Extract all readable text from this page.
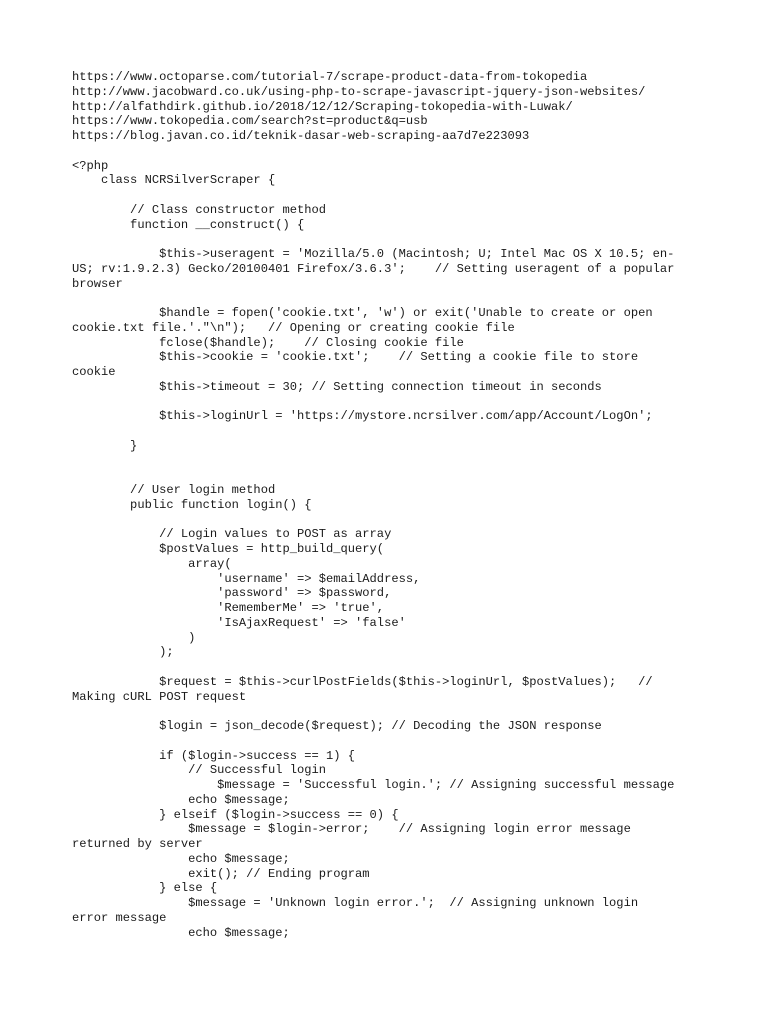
https://www.octoparse.com/tutorial-7/scrape-product-data-from-tokopedia
http://www.jacobward.co.uk/using-php-to-scrape-javascript-jquery-json-websites/
http://alfathdirk.github.io/2018/12/12/Scraping-tokopedia-with-Luwak/
https://www.tokopedia.com/search?st=product&q=usb
https://blog.javan.co.id/teknik-dasar-web-scraping-aa7d7e223093
<?php
class NCRSilverScraper {
// Class constructor method
function __construct() {
$this->useragent = 'Mozilla/5.0 (Macintosh; U; Intel Mac OS X 10.5; en-
US; rv:1.9.2.3) Gecko/20100401 Firefox/3.6.3';    // Setting useragent of a popular
browser
$handle = fopen('cookie.txt', 'w') or exit('Unable to create or open
cookie.txt file.'."\n");   // Opening or creating cookie file
fclose($handle);    // Closing cookie file
$this->cookie = 'cookie.txt';    // Setting a cookie file to store
cookie
$this->timeout = 30; // Setting connection timeout in seconds
$this->loginUrl = 'https://mystore.ncrsilver.com/app/Account/LogOn';
}
// User login method
public function login() {
// Login values to POST as array
$postValues = http_build_query(
array(
'username' => $emailAddress,
'password' => $password,
'RememberMe' => 'true',
'IsAjaxRequest' => 'false'
)
);
$request = $this->curlPostFields($this->loginUrl, $postValues);   //
Making cURL POST request
$login = json_decode($request); // Decoding the JSON response
if ($login->success == 1) {
// Successful login
$message = 'Successful login.'; // Assigning successful message
echo $message;
} elseif ($login->success == 0) {
$message = $login->error;    // Assigning login error message
returned by server
echo $message;
exit(); // Ending program
} else {
$message = 'Unknown login error.';  // Assigning unknown login
error message
echo $message;
